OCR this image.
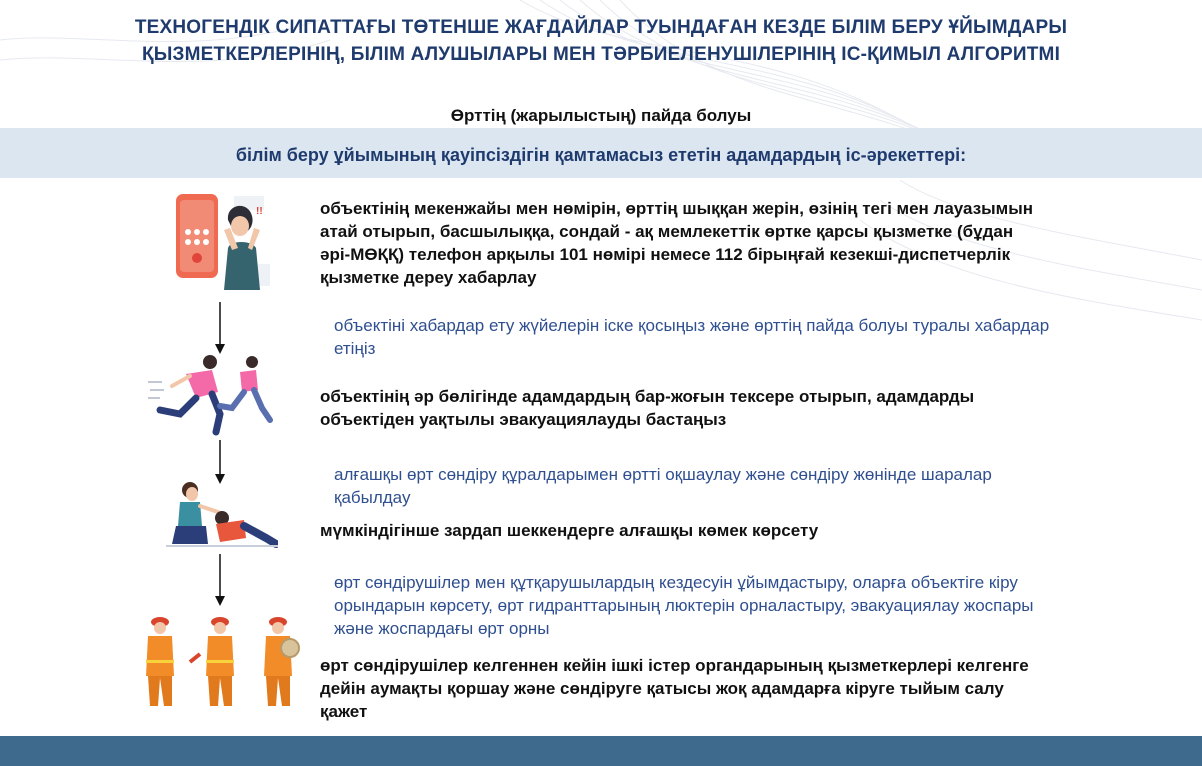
ТЕХНОГЕНДІК СИПАТТАҒЫ ТӨТЕНШЕ ЖАҒДАЙЛАР ТУЫНДАҒАН КЕЗДЕ БІЛІМ БЕРУ ҰЙЫМДАРЫ ҚЫЗМЕТКЕРЛЕРІНІҢ, БІЛІМ АЛУШЫЛАРЫ МЕН ТӘРБИЕЛЕНУШІЛЕРІНІҢ ІС-ҚИМЫЛ АЛГОРИТМІ
Өрттің (жарылыстың) пайда болуы
білім беру ұйымының қауіпсіздігін қамтамасыз ететін адамдардың іс-әрекеттері:
!!	объектінің мекенжайы мен нөмірін, өрттің шыққан жерін, өзінің тегі мен лауазымын атай отырып, басшылыққа, сондай - ақ мемлекеттік өртке қарсы қызметке (бұдан әрі-МӨҚҚ) телефон арқылы 101 нөмірі немесе 112 бірыңғай кезекші-диспетчерлік қызметке дереу хабарлау
объектіні хабардар ету жүйелерін іске қосыңыз және өрттің пайда болуы туралы хабардар етіңіз
объектінің әр бөлігінде адамдардың бар-жоғын тексере отырып, адамдарды объектіден уақтылы эвакуациялауды бастаңыз
алғашқы өрт сөндіру құралдарымен өртті оқшаулау және сөндіру жөнінде шаралар қабылдау
мүмкіндігінше зардап шеккендерге алғашқы көмек көрсету
өрт сөндірушілер мен құтқарушылардың кездесуін ұйымдастыру, оларға объектіге кіру орындарын көрсету, өрт гидранттарының люктерін орналастыру, эвакуациялау жоспары және жоспардағы өрт орны
өрт сөндірушілер келгеннен кейін ішкі істер органдарының қызметкерлері келгенге дейін аумақты қоршау және сөндіруге қатысы жоқ адамдарға кіруге тыйым салу қажет
